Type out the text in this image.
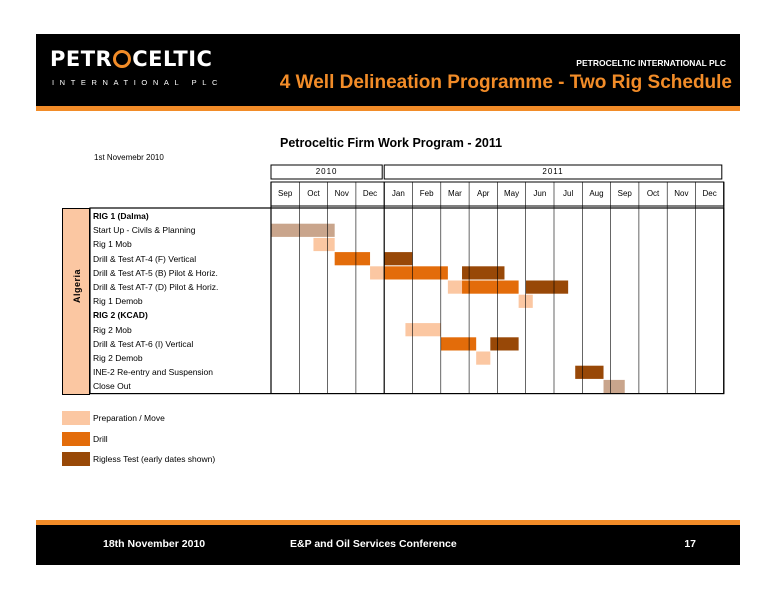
PETR CELTIC
INTERNATIONAL PLC
PETROCELTIC INTERNATIONAL PLC
4 Well Delineation Programme - Two Rig Schedule
Petroceltic Firm Work Program - 2011
1st Novemebr 2010
Algeria
2010	2011
Sep	Oct	Nov	Dec	Jan	Feb	Mar	Apr	May	Jun	Jul	Aug	Sep	Oct	Nov	Dec
RIG 1 (Dalma)
Start Up - Civils & Planning
Rig 1 Mob
Drill & Test AT-4 (F) Vertical
Drill & Test AT-5 (B) Pilot & Horiz.
Drill & Test AT-7 (D) Pilot & Horiz.
Rig 1 Demob
RIG 2 (KCAD)
Rig 2 Mob
Drill & Test AT-6 (I) Vertical
Rig 2 Demob
INE-2 Re-entry and Suspension
Close Out
Preparation / Move
Drill
Rigless Test (early dates shown)
18th November 2010	E&P and Oil Services Conference	17
